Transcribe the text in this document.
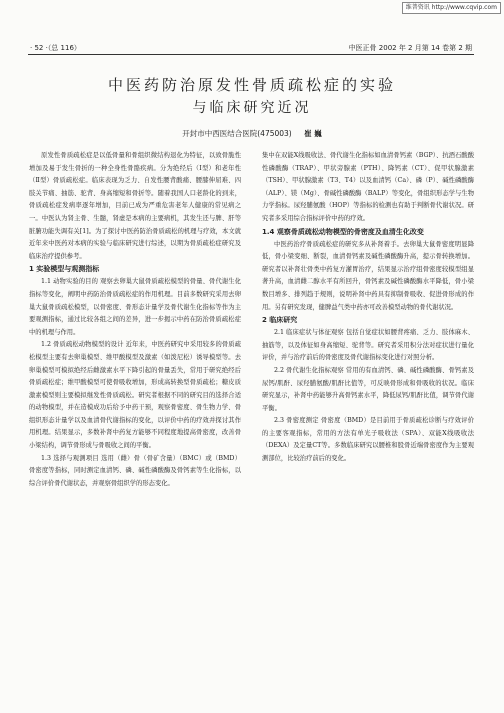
维普资讯 http://www.cqvip.com
· 52 ·（总 116）	中医正骨 2002 年 2 月第 14 卷第 2 期
中医药防治原发性骨质疏松症的实验
与临床研究近况
开封市中西医结合医院(475003) 崔 巍

原发性骨质疏松症是以低骨量和骨组织微结构退化为特征，以致骨脆性增加及易于发生骨折的一种全身性骨骼疾病。分为绝经后（Ⅰ型）和老年性（Ⅱ型）骨质疏松症。临床表现为乏力、自发性腰背酸痛、腰膝伸屈难、四肢关节痛、抽筋、驼背、身高缩短和骨折等。随着我国人口老龄化的到来，骨质疏松症发病率逐年增加，目前已成为严重危害老年人健康的常见病之一。中医认为肾主骨、生髓，肾虚是本病的主要病机，其发生还与脾、肝等脏腑功能失调有关[1]。为了探讨中医药防治骨质疏松的机理与疗效，本文就近年来中医药对本病的实验与临床研究进行综述，以期为骨质疏松症研究及临床治疗提供参考。

1 实验模型与观测指标

1.1 动物实验的目的 观察去卵巢大鼠骨质疏松模型的骨量、骨代谢生化指标等变化，阐明中药防治骨质疏松症的作用机理。目前多数研究采用去卵巢大鼠骨质疏松模型，以骨密度、骨形态计量学及骨代谢生化指标等作为主要观测指标，通过比较各组之间的差异，进一步揭示中药在防治骨质疏松症中的机理与作用。

1.2 骨质疏松动物模型的设计 近年来，中医药研究中采用较多的骨质疏松模型主要有去卵巢模型、维甲酸模型及激素（如泼尼松）诱导模型等。去卵巢模型可模拟绝经后雌激素水平下降引起的骨量丢失，常用于研究绝经后骨质疏松症；维甲酸模型可使骨吸收增加，形成高转换型骨质疏松；糖皮质激素模型则主要模拟继发性骨质疏松。研究者根据不同的研究目的选择合适的动物模型，并在造模成功后给予中药干预，观察骨密度、骨生物力学、骨组织形态计量学以及血清骨代谢指标的变化，以评价中药的疗效并探讨其作用机理。结果显示，多数补肾中药复方能够不同程度地提高骨密度，改善骨小梁结构，调节骨形成与骨吸收之间的平衡。

1.3 选择与观测项目 选用（雌）骨（骨矿含量）（BMC）或（BMD）骨密度等指标，同时测定血清钙、磷、碱性磷酸酶及骨钙素等生化指标，以综合评价骨代谢状态，并观察骨组织学的形态变化。

集中在双能X线吸收法、骨代谢生化指标如血清骨钙素（BGP）、抗酒石酸酸性磷酸酶（TRAP）、甲状旁腺素（PTH）、降钙素（CT）、促甲状腺激素（TSH）、甲状腺激素（T3、T4）以及血清钙（Ca）、磷（P）、碱性磷酸酶（ALP）、镁（Mg）、骨碱性磷酸酶（BALP）等变化，骨组织形态学与生物力学指标。尿羟脯氨酸（HOP）等指标的检测也有助于判断骨代谢状况。研究者多采用综合指标评价中药的疗效。

1.4 观察骨质疏松动物模型的骨密度及血清生化改变

中医药治疗骨质疏松症的研究多从补肾着手。去卵巢大鼠骨密度明显降低，骨小梁变细、断裂，血清骨钙素及碱性磷酸酶升高，提示骨转换增加。研究者以补肾壮骨类中药复方灌胃治疗，结果显示治疗组骨密度较模型组显著升高，血清雌二醇水平有所回升，骨钙素及碱性磷酸酶水平降低，骨小梁数目增多、排列趋于规则，说明补肾中药具有抑制骨吸收、促进骨形成的作用。另有研究发现，健脾益气类中药亦可改善模型动物的骨代谢状况。

2 临床研究

2.1 临床症状与体征观察 包括自觉症状如腰背疼痛、乏力、肢体麻木、抽筋等，以及体征如身高缩短、驼背等。研究者采用积分法对症状进行量化评价，并与治疗前后的骨密度及骨代谢指标变化进行对照分析。

2.2 骨代谢生化指标观察 常用的有血清钙、磷、碱性磷酸酶、骨钙素及尿钙/肌酐、尿羟脯氨酸/肌酐比值等，可反映骨形成和骨吸收的状况。临床研究显示，补肾中药能够升高骨钙素水平，降低尿钙/肌酐比值，调节骨代谢平衡。

2.3 骨密度测定 骨密度（BMD）是目前用于骨质疏松诊断与疗效评价的主要客观指标，常用的方法有单光子吸收法（SPA）、双能X线吸收法（DEXA）及定量CT等。多数临床研究以腰椎和股骨近端骨密度作为主要观测部位，比较治疗前后的变化。
